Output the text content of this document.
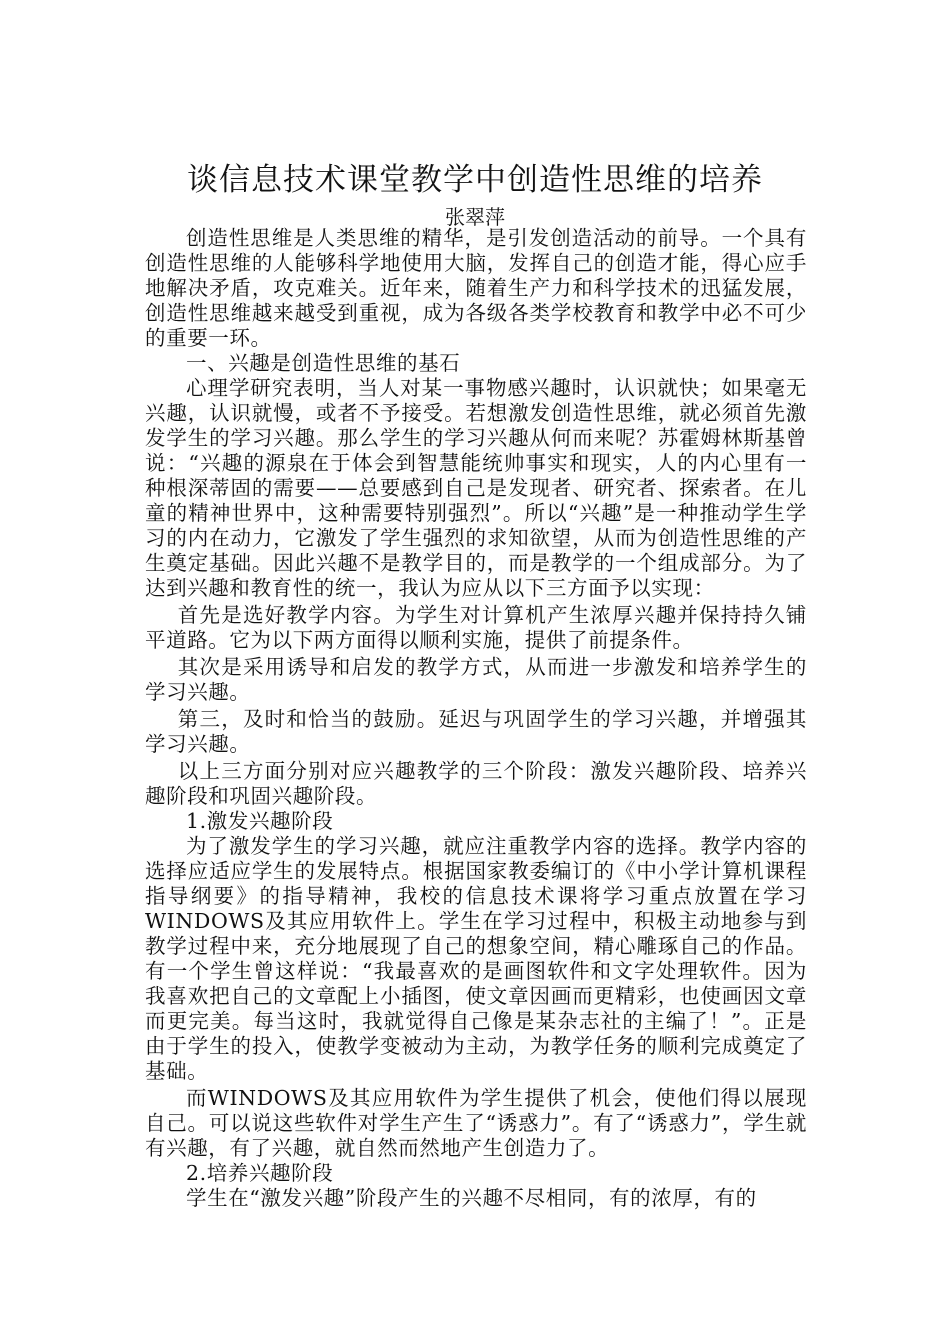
谈信息技术课堂教学中创造性思维的培养
张翠萍

创造性思维是人类思维的精华，是引发创造活动的前导。一个具有创造性思维的人能够科学地使用大脑，发挥自己的创造才能，得心应手地解决矛盾，攻克难关。近年来，随着生产力和科学技术的迅猛发展，创造性思维越来越受到重视，成为各级各类学校教育和教学中必不可少的重要一环。

一、兴趣是创造性思维的基石

心理学研究表明，当人对某一事物感兴趣时，认识就快；如果毫无兴趣，认识就慢，或者不予接受。若想激发创造性思维，就必须首先激发学生的学习兴趣。那么学生的学习兴趣从何而来呢？苏霍姆林斯基曾说：“兴趣的源泉在于体会到智慧能统帅事实和现实，人的内心里有一种根深蒂固的需要——总要感到自己是发现者、研究者、探索者。在儿童的精神世界中，这种需要特别强烈”。所以“兴趣”是一种推动学生学习的内在动力，它激发了学生强烈的求知欲望，从而为创造性思维的产生奠定基础。因此兴趣不是教学目的，而是教学的一个组成部分。为了达到兴趣和教育性的统一，我认为应从以下三方面予以实现：

首先是选好教学内容。为学生对计算机产生浓厚兴趣并保持持久铺平道路。它为以下两方面得以顺利实施，提供了前提条件。

其次是采用诱导和启发的教学方式，从而进一步激发和培养学生的学习兴趣。

第三，及时和恰当的鼓励。延迟与巩固学生的学习兴趣，并增强其学习兴趣。

以上三方面分别对应兴趣教学的三个阶段：激发兴趣阶段、培养兴趣阶段和巩固兴趣阶段。

1.激发兴趣阶段

为了激发学生的学习兴趣，就应注重教学内容的选择。教学内容的选择应适应学生的发展特点。根据国家教委编订的《中小学计算机课程指导纲要》的指导精神，我校的信息技术课将学习重点放置在学习WINDOWS及其应用软件上。学生在学习过程中，积极主动地参与到教学过程中来，充分地展现了自己的想象空间，精心雕琢自己的作品。有一个学生曾这样说：“我最喜欢的是画图软件和文字处理软件。因为我喜欢把自己的文章配上小插图，使文章因画而更精彩，也使画因文章而更完美。每当这时，我就觉得自己像是某杂志社的主编了！”。正是由于学生的投入，使教学变被动为主动，为教学任务的顺利完成奠定了基础。

而WINDOWS及其应用软件为学生提供了机会，使他们得以展现自己。可以说这些软件对学生产生了“诱惑力”。有了“诱惑力”，学生就有兴趣，有了兴趣，就自然而然地产生创造力了。

2.培养兴趣阶段

学生在“激发兴趣”阶段产生的兴趣不尽相同，有的浓厚，有的
